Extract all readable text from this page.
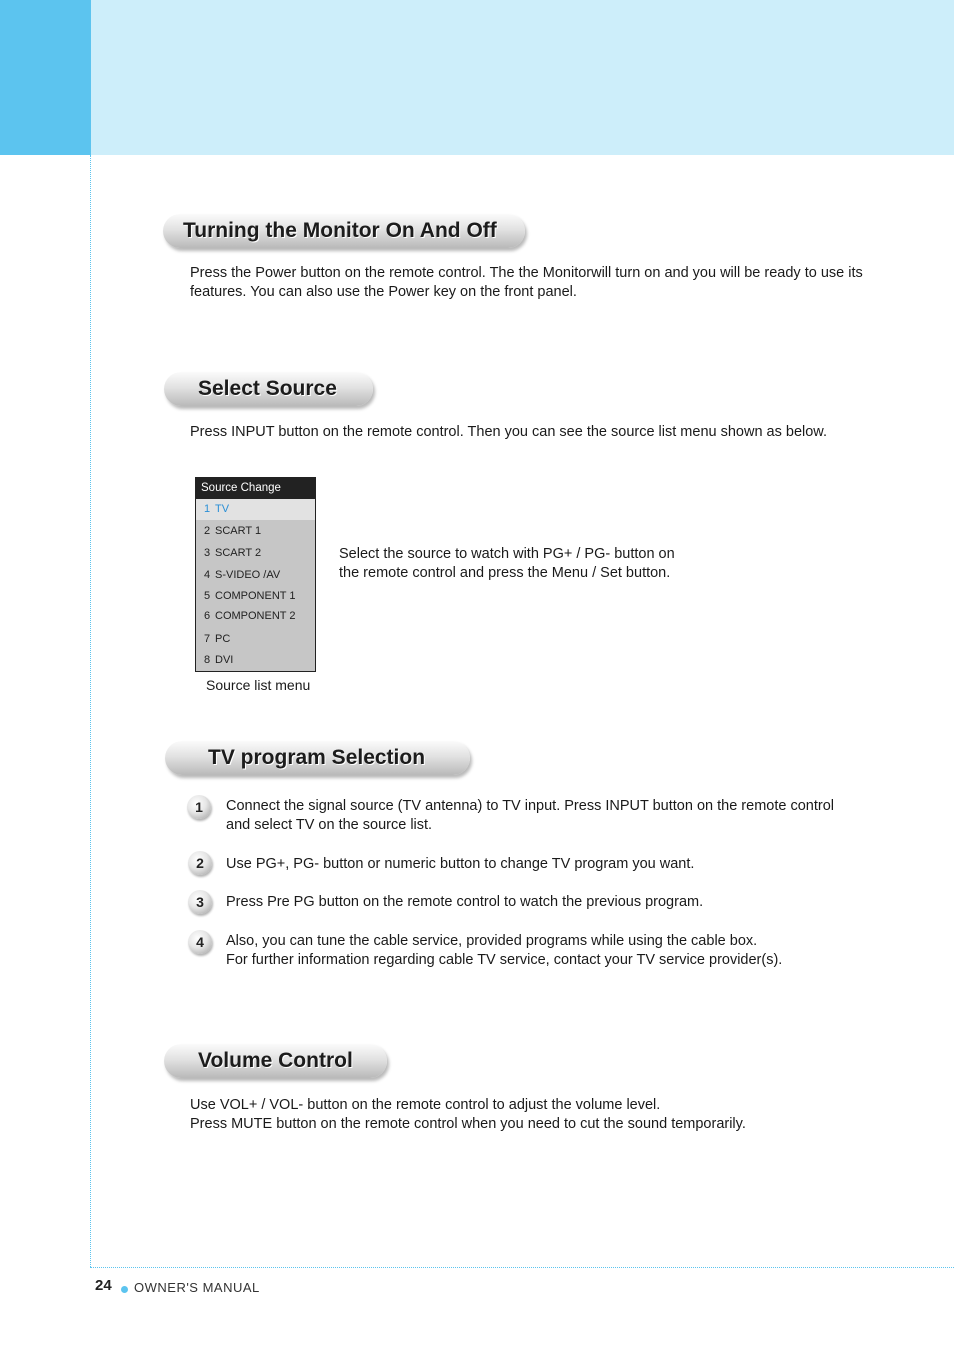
Turning the Monitor On And Off
Press the Power button on the remote control. The the Monitorwill turn on and you will be ready to use its
features. You can also use the Power key on the front panel.
Select Source
Press INPUT button on the remote control. Then you can see the source list menu shown as below.
Source Change
1 TV
2 SCART 1
3 SCART 2
4 S-VIDEO /AV
5 COMPONENT 1
6 COMPONENT 2
7 PC
8 DVI
Source list menu
Select the source to watch with PG+ / PG- button on
the remote control and press the Menu / Set button.
TV program Selection
1	Connect the signal source (TV antenna) to TV input. Press INPUT button on the remote control
and select TV on the source list.
2	Use PG+, PG- button or numeric button to change TV program you want.
3	Press Pre PG button on the remote control to watch the previous program.
4	Also, you can tune the cable service, provided programs while using the cable box.
For further information regarding cable TV service, contact your TV service provider(s).
Volume Control
Use VOL+ / VOL- button on the remote control to adjust the volume level.
Press MUTE button on the remote control when you need to cut the sound temporarily.
24 OWNER'S MANUAL
